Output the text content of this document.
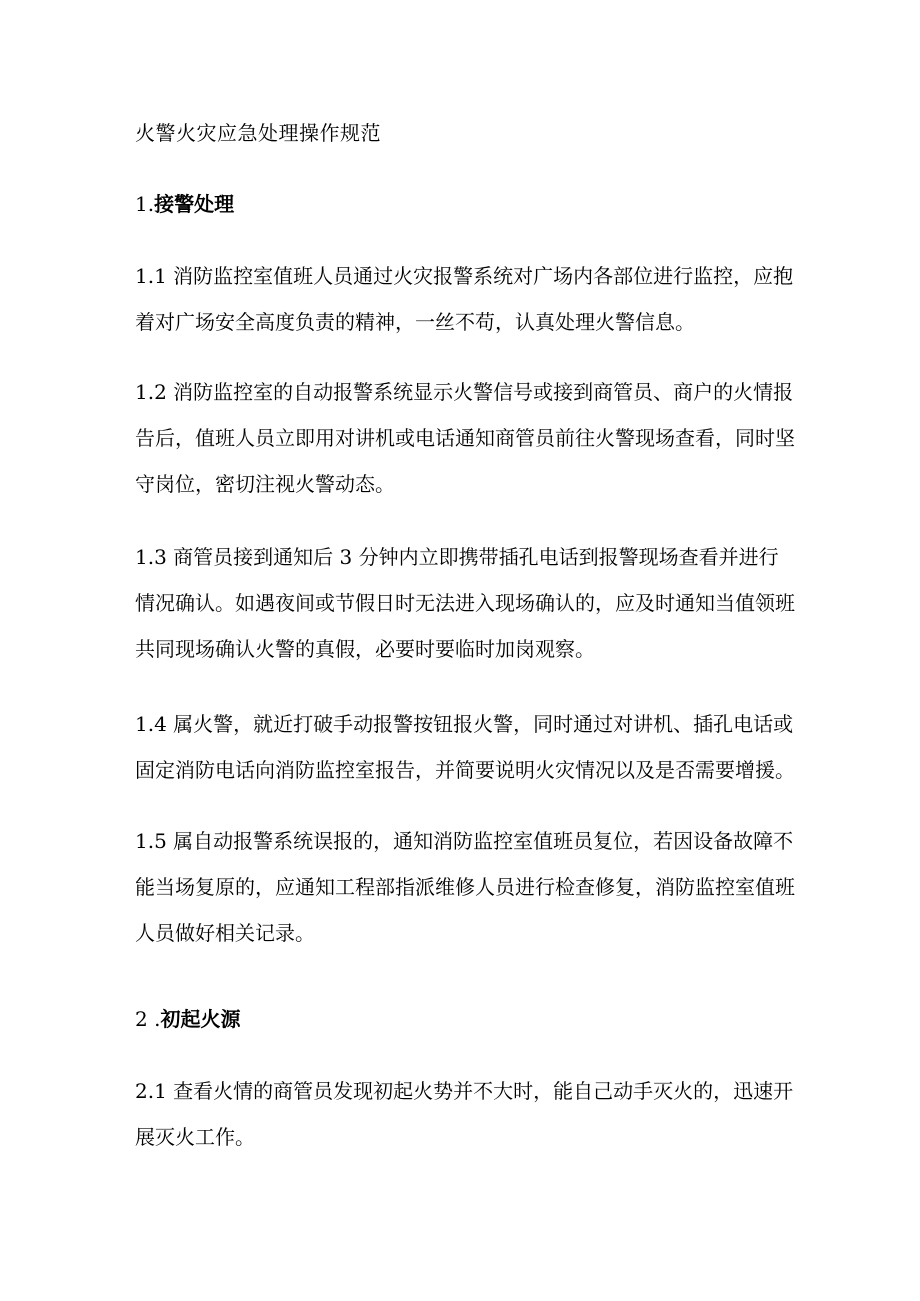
火警火灾应急处理操作规范
1.接警处理
1.1 消防监控室值班人员通过火灾报警系统对广场内各部位进行监控，应抱
着对广场安全高度负责的精神，一丝不苟，认真处理火警信息。
1.2 消防监控室的自动报警系统显示火警信号或接到商管员、商户的火情报
告后，值班人员立即用对讲机或电话通知商管员前往火警现场查看，同时坚
守岗位，密切注视火警动态。
1.3 商管员接到通知后 3 分钟内立即携带插孔电话到报警现场查看并进行
情况确认。如遇夜间或节假日时无法进入现场确认的，应及时通知当值领班
共同现场确认火警的真假，必要时要临时加岗观察。
1.4 属火警，就近打破手动报警按钮报火警，同时通过对讲机、插孔电话或
固定消防电话向消防监控室报告，并简要说明火灾情况以及是否需要增援。
1.5 属自动报警系统误报的，通知消防监控室值班员复位，若因设备故障不
能当场复原的，应通知工程部指派维修人员进行检查修复，消防监控室值班
人员做好相关记录。
2 .初起火源
2.1 查看火情的商管员发现初起火势并不大时，能自己动手灭火的，迅速开
展灭火工作。
